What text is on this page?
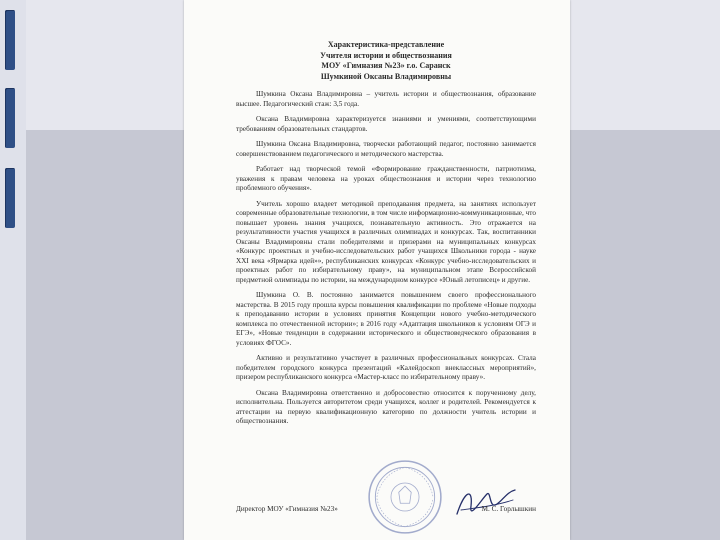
Характеристика-представление
Учителя истории и обществознания
МОУ «Гимназия №23» г.о. Саранск
Шумкиной Оксаны Владимировны

Шумкина Оксана Владимировна – учитель истории и обществознания, образование высшее. Педагогический стаж: 3,5 года.

Оксана Владимировна характеризуется знаниями и умениями, соответствующими требованиям образовательных стандартов.

Шумкина Оксана Владимировна, творчески работающий педагог, постоянно занимается совершенствованием педагогического и методического мастерства.

Работает над творческой темой «Формирование гражданственности, патриотизма, уважения к правам человека на уроках обществознания и истории через технологию проблемного обучения».

Учитель хорошо владеет методикой преподавания предмета, на занятиях использует современные образовательные технологии, в том числе информационно-коммуникационные, что повышает уровень знания учащихся, познавательную активность. Это отражается на результативности участия учащихся в различных олимпиадах и конкурсах. Так, воспитанники Оксаны Владимировны стали победителями и призерами на муниципальных конкурсах «Конкурс проектных и учебно-исследовательских работ учащихся Школьники города - науке XXI века «Ярмарка идей»», республиканских конкурсах «Конкурс учебно-исследовательских и проектных работ по избирательному праву», на муниципальном этапе Всероссийской предметной олимпиады по истории, на международном конкурсе «Юный летописец» и другие.

Шумкина О. В. постоянно занимается повышением своего профессионального мастерства. В 2015 году прошла курсы повышения квалификации по проблеме «Новые подходы к преподаванию истории в условиях принятия Концепции нового учебно-методического комплекса по отечественной истории»; в 2016 году «Адаптация школьников к условиям ОГЭ и ЕГЭ», «Новые тенденции в содержании исторического и обществоведческого образования в условиях ФГОС».

Активно и результативно участвует в различных профессиональных конкурсах. Стала победителем городского конкурса презентаций «Калейдоскоп внеклассных мероприятий», призером республиканского конкурса «Мастер-класс по избирательному праву».

Оксана Владимировна ответственно и добросовестно относится к порученному делу, исполнительна. Пользуется авторитетом среди учащихся, коллег и родителей. Рекомендуется к аттестации на первую квалификационную категорию по должности учитель истории и обществознания.

Директор МОУ «Гимназия №23»	М. С. Горлышкин
